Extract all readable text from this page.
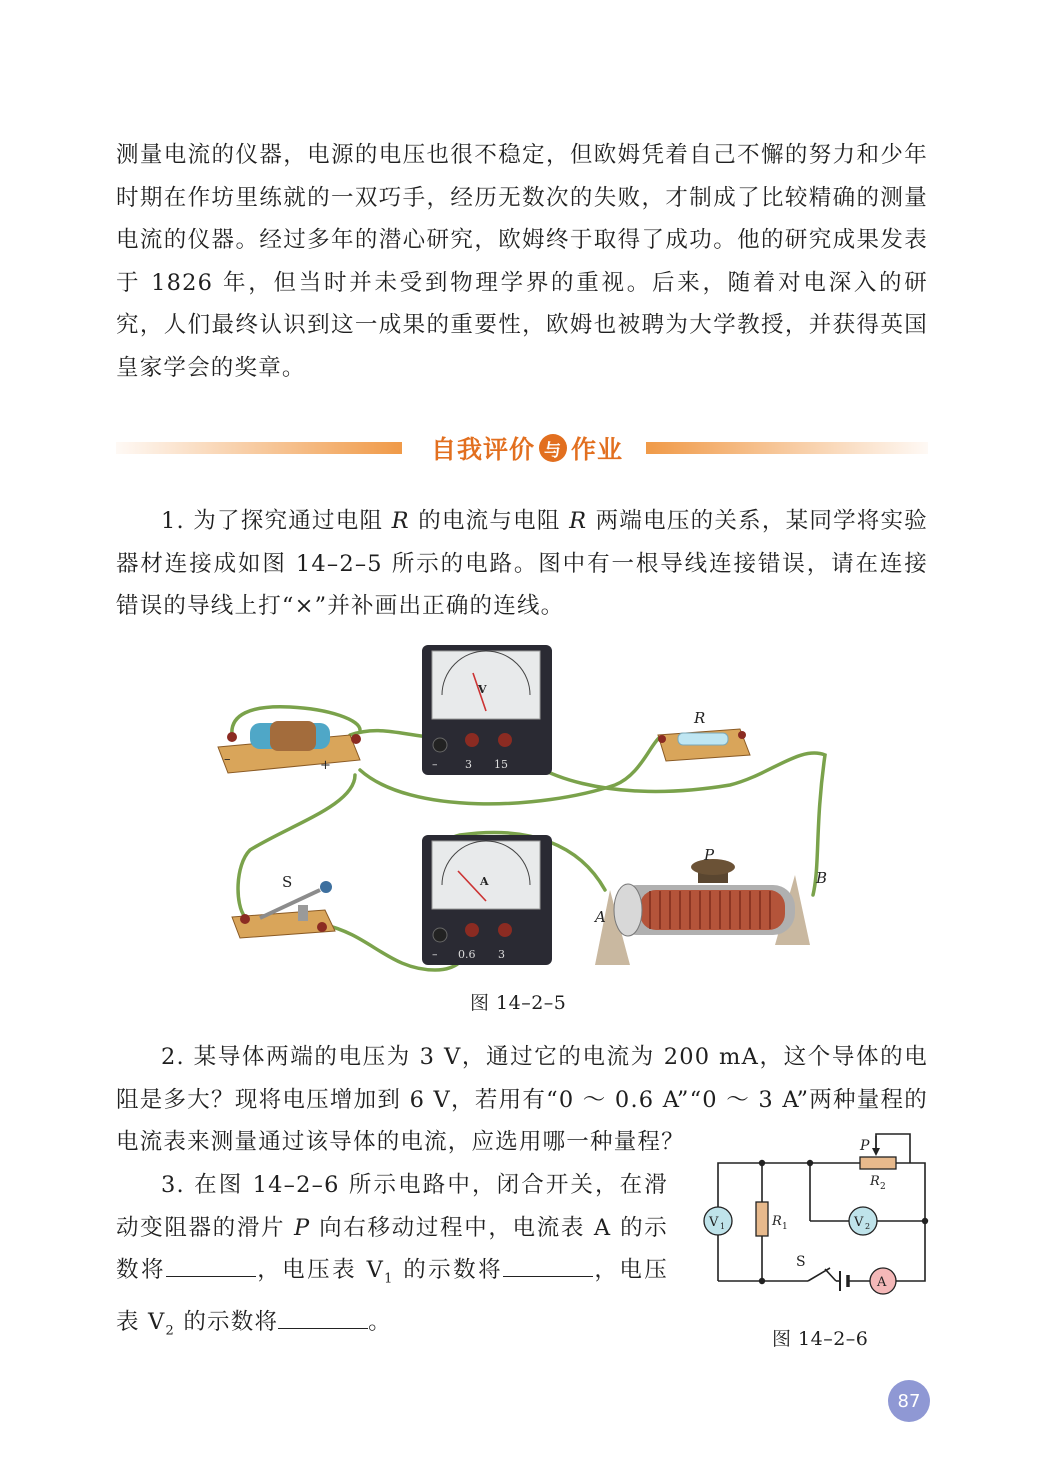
测量电流的仪器，电源的电压也很不稳定，但欧姆凭着自己不懈的努力和少年时期在作坊里练就的一双巧手，经历无数次的失败，才制成了比较精确的测量电流的仪器。经过多年的潜心研究，欧姆终于取得了成功。他的研究成果发表于 1826 年，但当时并未受到物理学界的重视。后来，随着对电深入的研究，人们最终认识到这一成果的重要性，欧姆也被聘为大学教授，并获得英国皇家学会的奖章。

自我评价 与 作业

1. 为了探究通过电阻 R 的电流与电阻 R 两端电压的关系，某同学将实验器材连接成如图 14–2–5 所示的电路。图中有一根导线连接错误，请在连接错误的导线上打“×”并补画出正确的连线。

–	+
V
–	3 15
R
S	A
– 0.6 3
P
A
B
图 14–2–5

2. 某导体两端的电压为 3 V，通过它的电流为 200 mA，这个导体的电阻是多大？现将电压增加到 6 V，若用有“0 ～ 0.6 A”“0 ～ 3 A”两种量程的电流表来测量通过该导体的电流，应选用哪一种量程？

3. 在图 14–2–6 所示电路中，闭合开关，在滑动变阻器的滑片 P 向右移动过程中，电流表 A 的示数将	，电压表 $V_1$ 的示数将	，电压表 $V_2$ 的示数将	。

S
P
R 2
R 1
V 1	V 2
A
图 14–2–6
87
